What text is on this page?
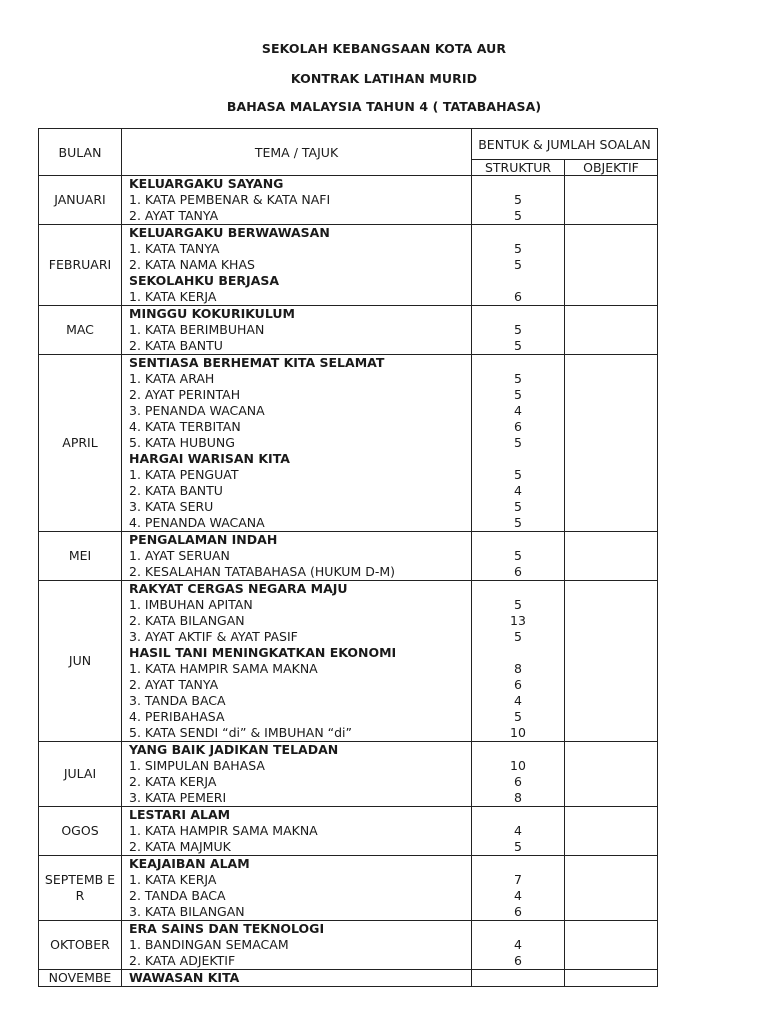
SEKOLAH KEBANGSAAN KOTA AUR
KONTRAK LATIHAN MURID
BAHASA MALAYSIA TAHUN 4 ( TATABAHASA)
BULAN	TEMA / TAJUK	BENTUK & JUMLAH SOALAN	
		STRUKTUR	OBJEKTIF
JANUARI	KELUARGAKU SAYANG		
	1. KATA PEMBENAR & KATA NAFI	5	
	2. AYAT TANYA	5	
FEBRUARI	KELUARGAKU BERWAWASAN		
	1. KATA TANYA	5	
	2. KATA NAMA KHAS	5	
	SEKOLAHKU BERJASA		
	1. KATA KERJA	6	
MAC	MINGGU KOKURIKULUM		
	1. KATA BERIMBUHAN	5	
	2. KATA BANTU	5	
APRIL	SENTIASA BERHEMAT KITA SELAMAT		
	1. KATA ARAH	5	
	2. AYAT PERINTAH	5	
	3. PENANDA WACANA	4	
	4. KATA TERBITAN	6	
	5. KATA HUBUNG	5	
	HARGAI WARISAN KITA		
	1. KATA PENGUAT	5	
	2. KATA BANTU	4	
	3. KATA SERU	5	
	4. PENANDA WACANA	5	
MEI	PENGALAMAN INDAH		
	1. AYAT SERUAN	5	
	2. KESALAHAN TATABAHASA (HUKUM D-M)	6	
JUN	RAKYAT CERGAS NEGARA MAJU		
	1. IMBUHAN APITAN	5	
	2. KATA BILANGAN	13	
	3. AYAT AKTIF & AYAT PASIF	5	
	HASIL TANI MENINGKATKAN EKONOMI		
	1. KATA HAMPIR SAMA MAKNA	8	
	2. AYAT TANYA	6	
	3. TANDA BACA	4	
	4. PERIBAHASA	5	
	5. KATA SENDI “di” & IMBUHAN “di”	10	
JULAI	YANG BAIK JADIKAN TELADAN		
	1. SIMPULAN BAHASA	10	
	2. KATA KERJA	6	
	3. KATA PEMERI	8	
OGOS	LESTARI ALAM		
	1. KATA HAMPIR SAMA MAKNA	4	
	2. KATA MAJMUK	5	
SEPTEMB ER	KEAJAIBAN ALAM		
	1. KATA KERJA	7	
	2. TANDA BACA	4	
	3. KATA BILANGAN	6	
OKTOBER	ERA SAINS DAN TEKNOLOGI		
	1. BANDINGAN SEMACAM	4	
	2. KATA ADJEKTIF	6	
NOVEMBE	WAWASAN KITA		
